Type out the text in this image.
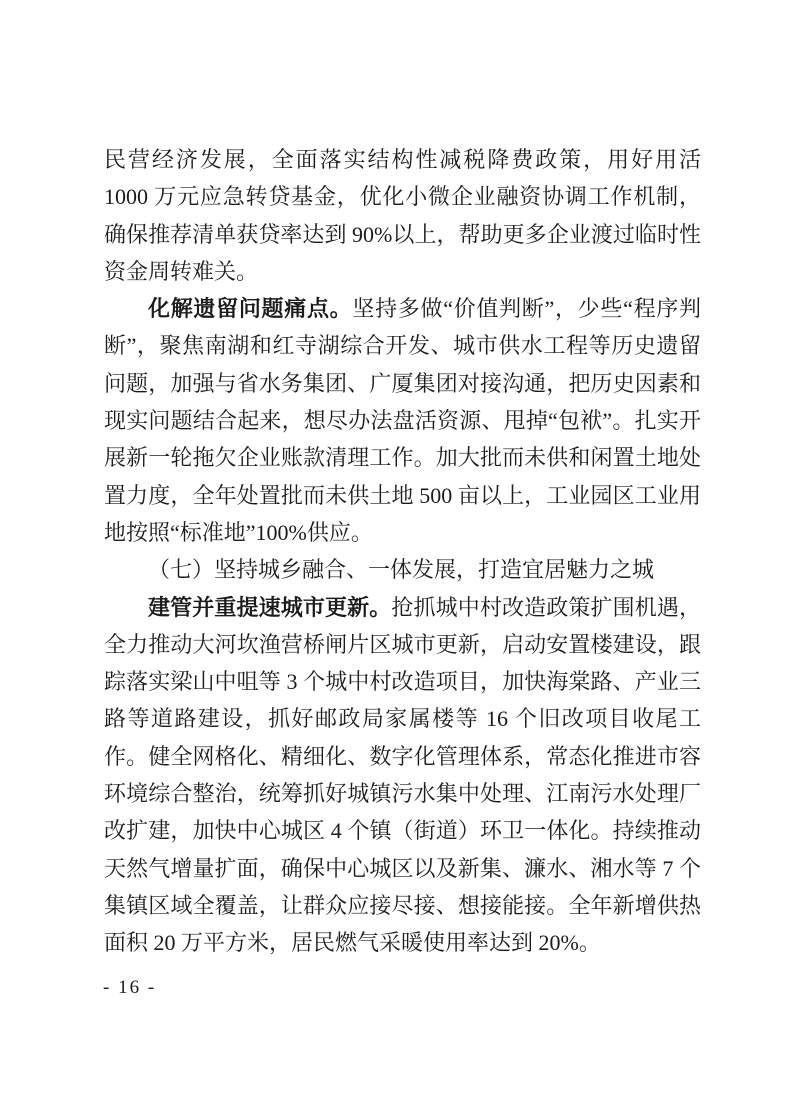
民营经济发展，全面落实结构性减税降费政策，用好用活 1000 万元应急转贷基金，优化小微企业融资协调工作机制，确保推荐清单获贷率达到 90%以上，帮助更多企业渡过临时性资金周转难关。

化解遗留问题痛点。坚持多做“价值判断”，少些“程序判断”，聚焦南湖和红寺湖综合开发、城市供水工程等历史遗留问题，加强与省水务集团、广厦集团对接沟通，把历史因素和现实问题结合起来，想尽办法盘活资源、甩掉“包袱”。扎实开展新一轮拖欠企业账款清理工作。加大批而未供和闲置土地处置力度，全年处置批而未供土地 500 亩以上，工业园区工业用地按照“标准地”100%供应。

（七）坚持城乡融合、一体发展，打造宜居魅力之城

建管并重提速城市更新。抢抓城中村改造政策扩围机遇，全力推动大河坎渔营桥闸片区城市更新，启动安置楼建设，跟踪落实梁山中咀等 3 个城中村改造项目，加快海棠路、产业三路等道路建设，抓好邮政局家属楼等 16 个旧改项目收尾工作。健全网格化、精细化、数字化管理体系，常态化推进市容环境综合整治，统筹抓好城镇污水集中处理、江南污水处理厂改扩建，加快中心城区 4 个镇（街道）环卫一体化。持续推动天然气增量扩面，确保中心城区以及新集、濂水、湘水等 7 个集镇区域全覆盖，让群众应接尽接、想接能接。全年新增供热面积 20 万平方米，居民燃气采暖使用率达到 20%。

- 16 -
